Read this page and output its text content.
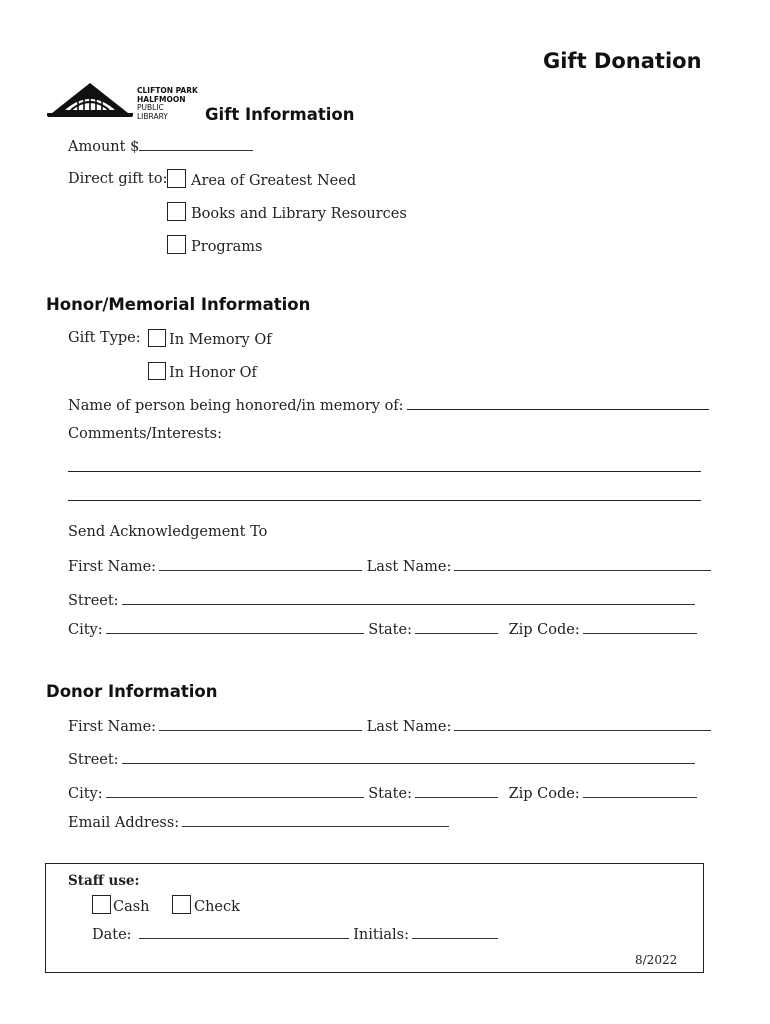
Gift Donation
CLIFTON PARK
HALFMOON
PUBLIC
LIBRARY	Gift Information
Amount $
Direct gift to:	Area of Greatest Need
Books and Library Resources
Programs
Honor/Memorial Information
Gift Type:	In Memory Of
In Honor Of
Name of person being honored/in memory of:
Comments/Interests:
Send Acknowledgement To
First Name:	Last Name:
Street:
City:	State:	Zip Code:
Donor Information
First Name:	Last Name:
Street:
City:	State:	Zip Code:
Email Address:
Staff use:
Cash	Check
Date:	Initials:
8/2022
